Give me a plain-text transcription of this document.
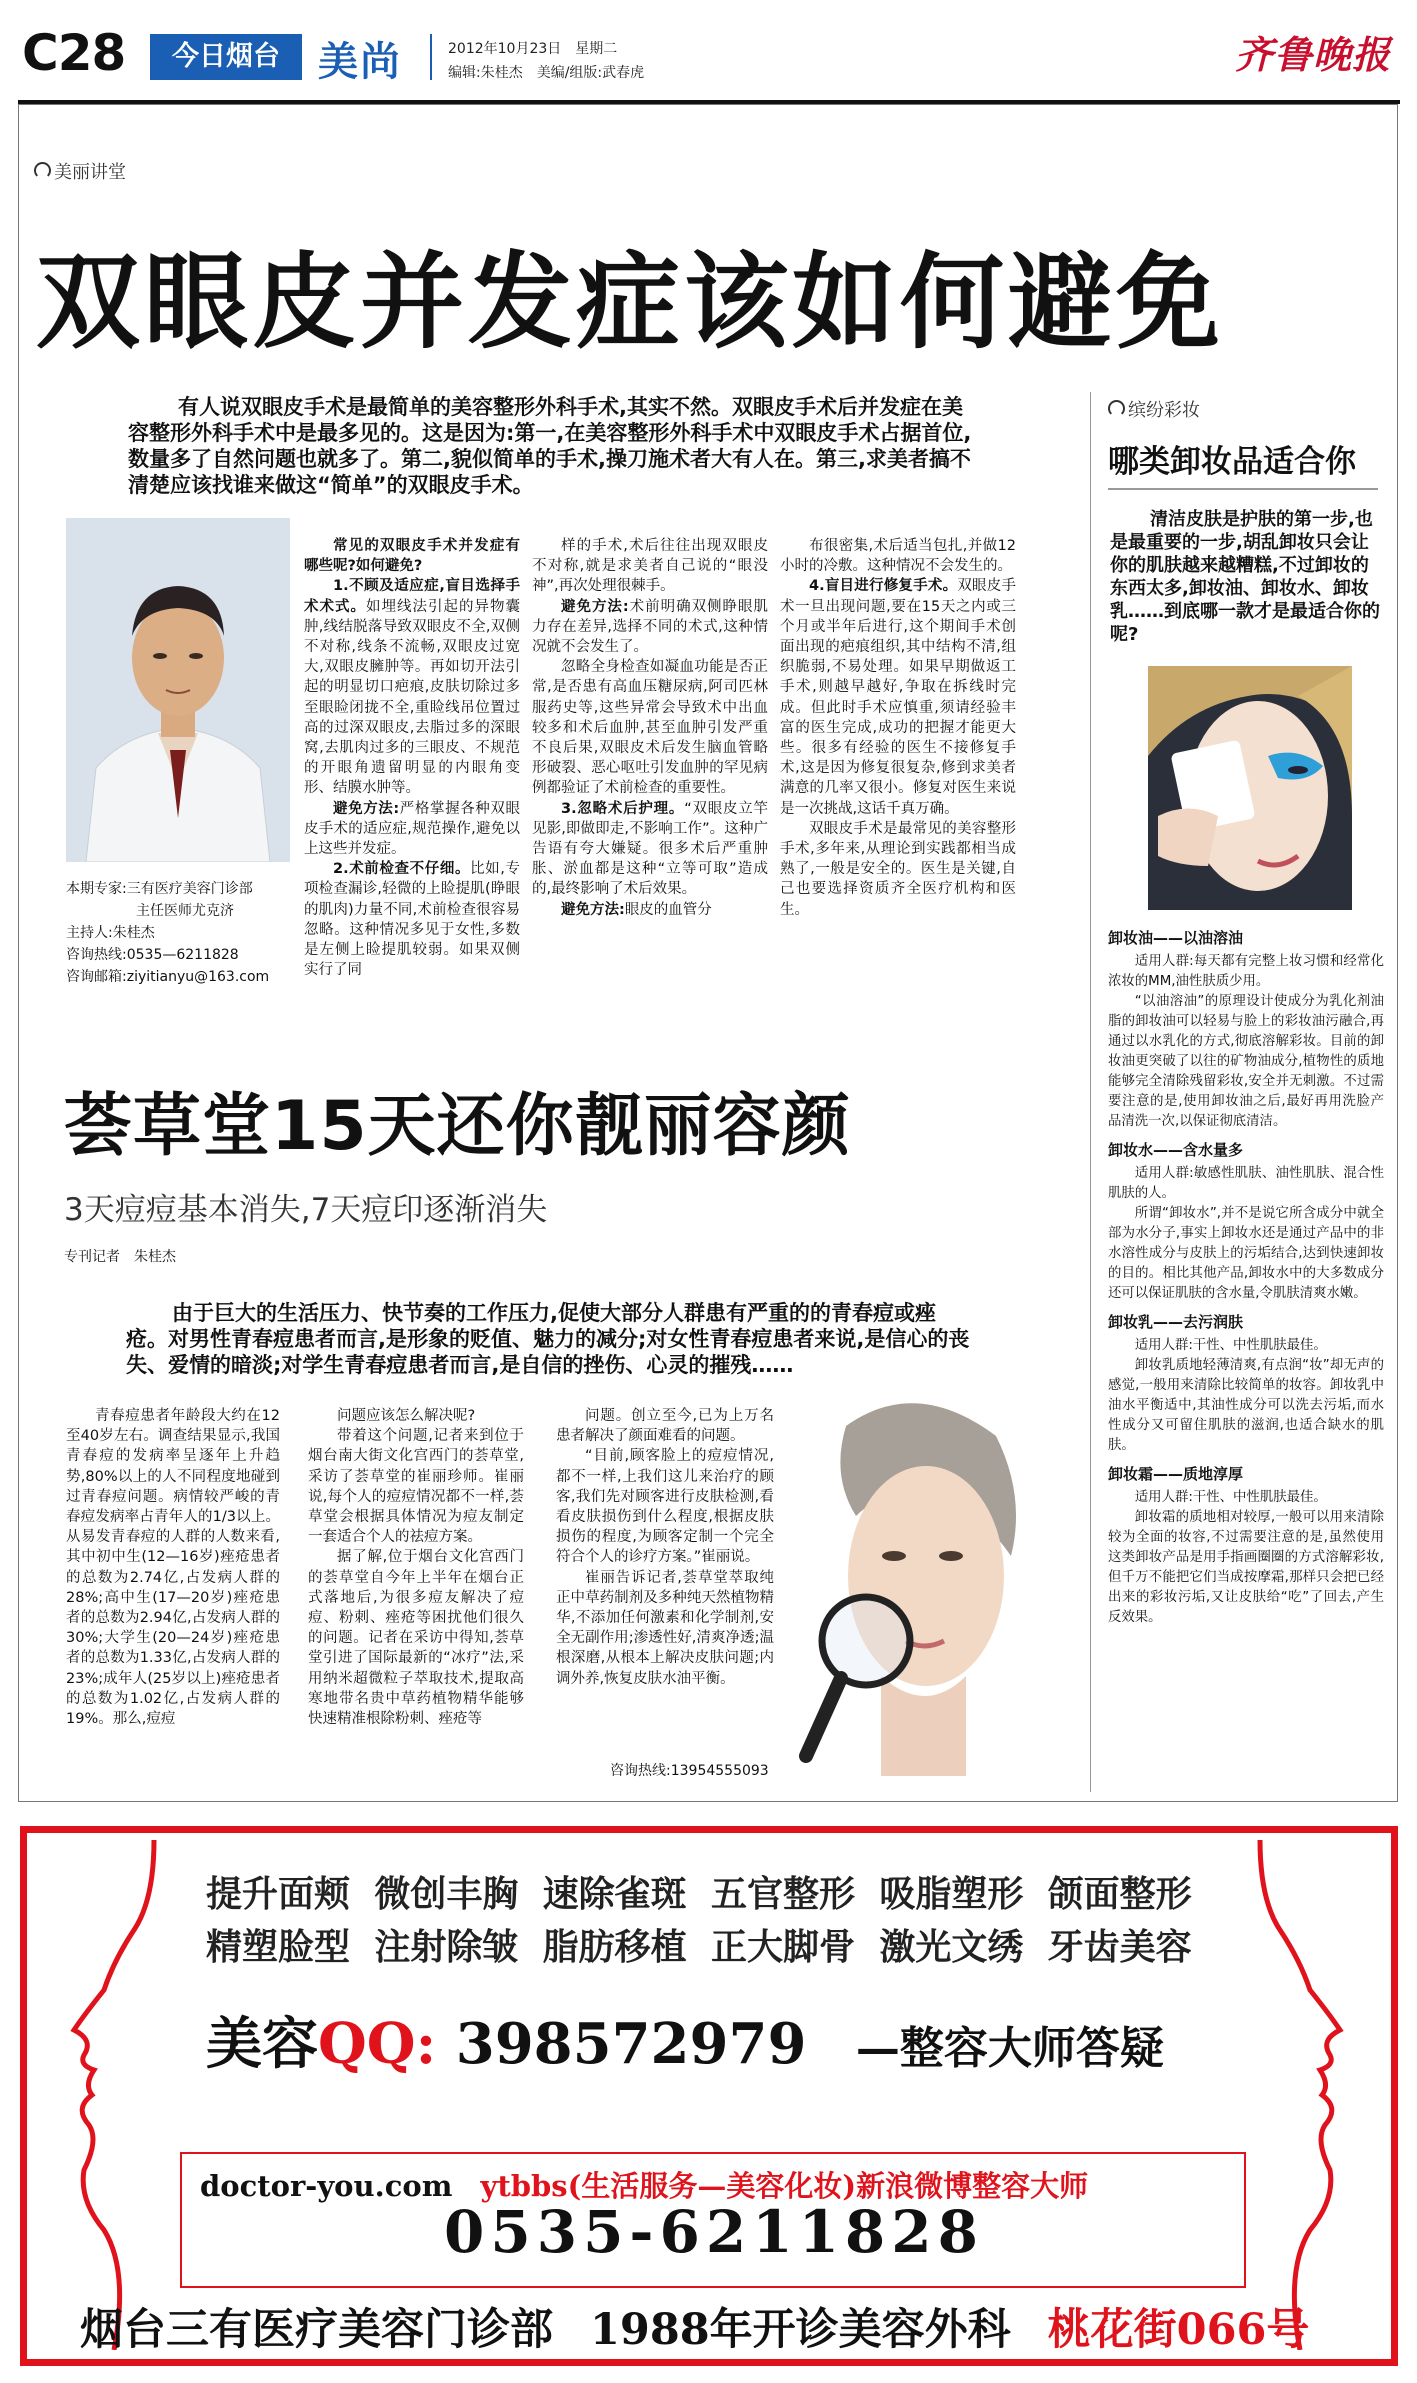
C28	今日烟台 美尚	2012年10月23日　星期二
编辑:朱桂杰　美编/组版:武春虎	齐鲁晚报
美丽讲堂
双眼皮并发症该如何避免
有人说双眼皮手术是最简单的美容整形外科手术,其实不然。双眼皮手术后并发症在美容整形外科手术中是最多见的。这是因为:第一,在美容整形外科手术中双眼皮手术占据首位,数量多了自然问题也就多了。第二,貌似简单的手术,操刀施术者大有人在。第三,求美者搞不清楚应该找谁来做这“简单”的双眼皮手术。
本期专家:三有医疗美容门诊部
　　　　　主任医师尤克济
主持人:朱桂杰
咨询热线:0535—6211828
咨询邮箱:ziyitianyu@163.com

常见的双眼皮手术并发症有哪些呢?如何避免?

1.不顾及适应症,盲目选择手术术式。如埋线法引起的异物囊肿,线结脱落导致双眼皮不全,双侧不对称,线条不流畅,双眼皮过宽大,双眼皮臃肿等。再如切开法引起的明显切口疤痕,皮肤切除过多至眼睑闭拢不全,重睑线吊位置过高的过深双眼皮,去脂过多的深眼窝,去肌肉过多的三眼皮、不规范的开眼角遗留明显的内眼角变形、结膜水肿等。

避免方法:严格掌握各种双眼皮手术的适应症,规范操作,避免以上这些并发症。

2.术前检查不仔细。比如,专项检查漏诊,轻微的上睑提肌(睁眼的肌肉)力量不同,术前检查很容易忽略。这种情况多见于女性,多数是左侧上睑提肌较弱。如果双侧实行了同

样的手术,术后往往出现双眼皮不对称,就是求美者自己说的“眼没神”,再次处理很棘手。

避免方法:术前明确双侧睁眼肌力存在差异,选择不同的术式,这种情况就不会发生了。

忽略全身检查如凝血功能是否正常,是否患有高血压糖尿病,阿司匹林服药史等,这些异常会导致术中出血较多和术后血肿,甚至血肿引发严重不良后果,双眼皮术后发生脑血管略形破裂、恶心呕吐引发血肿的罕见病例都验证了术前检查的重要性。

3.忽略术后护理。“双眼皮立竿见影,即做即走,不影响工作”。这种广告语有夸大嫌疑。很多术后严重肿胀、淤血都是这种“立等可取”造成的,最终影响了术后效果。

避免方法:眼皮的血管分

布很密集,术后适当包扎,并做12小时的冷敷。这种情况不会发生的。

4.盲目进行修复手术。双眼皮手术一旦出现问题,要在15天之内或三个月或半年后进行,这个期间手术创面出现的疤痕组织,其中结构不清,组织脆弱,不易处理。如果早期做返工手术,则越早越好,争取在拆线时完成。但此时手术应慎重,须请经验丰富的医生完成,成功的把握才能更大些。很多有经验的医生不接修复手术,这是因为修复很复杂,修到求美者满意的几率又很小。修复对医生来说是一次挑战,这话千真万确。

双眼皮手术是最常见的美容整形手术,多年来,从理论到实践都相当成熟了,一般是安全的。医生是关键,自己也要选择资质齐全医疗机构和医生。

荟草堂15天还你靓丽容颜
3天痘痘基本消失,7天痘印逐渐消失
专刊记者　朱桂杰
由于巨大的生活压力、快节奏的工作压力,促使大部分人群患有严重的的青春痘或痤疮。对男性青春痘患者而言,是形象的贬值、魅力的减分;对女性青春痘患者来说,是信心的丧失、爱情的暗淡;对学生青春痘患者而言,是自信的挫伤、心灵的摧残……

青春痘患者年龄段大约在12至40岁左右。调查结果显示,我国青春痘的发病率呈逐年上升趋势,80%以上的人不同程度地碰到过青春痘问题。病情较严峻的青春痘发病率占青年人的1/3以上。从易发青春痘的人群的人数来看,其中初中生(12—16岁)痤疮患者的总数为2.74亿,占发病人群的28%;高中生(17—20岁)痤疮患者的总数为2.94亿,占发病人群的30%;大学生(20—24岁)痤疮患者的总数为1.33亿,占发病人群的23%;成年人(25岁以上)痤疮患者的总数为1.02亿,占发病人群的19%。那么,痘痘

问题应该怎么解决呢?

带着这个问题,记者来到位于烟台南大街文化宫西门的荟草堂,采访了荟草堂的崔丽珍师。崔丽说,每个人的痘痘情况都不一样,荟草堂会根据具体情况为痘友制定一套适合个人的祛痘方案。

据了解,位于烟台文化宫西门的荟草堂自今年上半年在烟台正式落地后,为很多痘友解决了痘痘、粉刺、痤疮等困扰他们很久的问题。记者在采访中得知,荟草堂引进了国际最新的“冰疗”法,采用纳米超微粒子萃取技术,提取高寒地带名贵中草药植物精华能够快速精准根除粉刺、痤疮等

问题。创立至今,已为上万名患者解决了颜面难看的问题。

“目前,顾客脸上的痘痘情况,都不一样,上我们这儿来治疗的顾客,我们先对顾客进行皮肤检测,看看皮肤损伤到什么程度,根据皮肤损伤的程度,为顾客定制一个完全符合个人的诊疗方案。”崔丽说。

崔丽告诉记者,荟草堂萃取纯正中草药制剂及多种纯天然植物精华,不添加任何激素和化学制剂,安全无副作用;渗透性好,清爽净透;温根深磨,从根本上解决皮肤问题;内调外养,恢复皮肤水油平衡。

咨询热线:13954555093
缤纷彩妆
哪类卸妆品适合你
清洁皮肤是护肤的第一步,也是最重要的一步,胡乱卸妆只会让你的肌肤越来越糟糕,不过卸妆的东西太多,卸妆油、卸妆水、卸妆乳……到底哪一款才是最适合你的呢?
卸妆油——以油溶油

适用人群:每天都有完整上妆习惯和经常化浓妆的MM,油性肤质少用。

“以油溶油”的原理设计使成分为乳化剂油脂的卸妆油可以轻易与脸上的彩妆油污融合,再通过以水乳化的方式,彻底溶解彩妆。目前的卸妆油更突破了以往的矿物油成分,植物性的质地能够完全清除残留彩妆,安全并无刺激。不过需要注意的是,使用卸妆油之后,最好再用洗脸产品清洗一次,以保证彻底清洁。

卸妆水——含水量多

适用人群:敏感性肌肤、油性肌肤、混合性肌肤的人。

所谓“卸妆水”,并不是说它所含成分中就全部为水分子,事实上卸妆水还是通过产品中的非水溶性成分与皮肤上的污垢结合,达到快速卸妆的目的。相比其他产品,卸妆水中的大多数成分还可以保证肌肤的含水量,令肌肤清爽水嫩。

卸妆乳——去污润肤

适用人群:干性、中性肌肤最佳。

卸妆乳质地轻薄清爽,有点润“妆”却无声的感觉,一般用来清除比较简单的妆容。卸妆乳中油水平衡适中,其油性成分可以洗去污垢,而水性成分又可留住肌肤的滋润,也适合缺水的肌肤。

卸妆霜——质地淳厚

适用人群:干性、中性肌肤最佳。

卸妆霜的质地相对较厚,一般可以用来清除较为全面的妆容,不过需要注意的是,虽然使用这类卸妆产品是用手指画圈圈的方式溶解彩妆,但千万不能把它们当成按摩霜,那样只会把已经出来的彩妆污垢,又让皮肤给“吃”了回去,产生反效果。

提升面颊 微创丰胸 速除雀斑 五官整形 吸脂塑形 颌面整形
精塑脸型 注射除皱 脂肪移植 正大脚骨 激光文绣 牙齿美容
美容QQ: 398572979 —整容大师答疑
doctor-you.com ytbbs(生活服务—美容化妆)新浪微博整容大师
0535-6211828
烟台三有医疗美容门诊部 1988年开诊美容外科 桃花街066号
